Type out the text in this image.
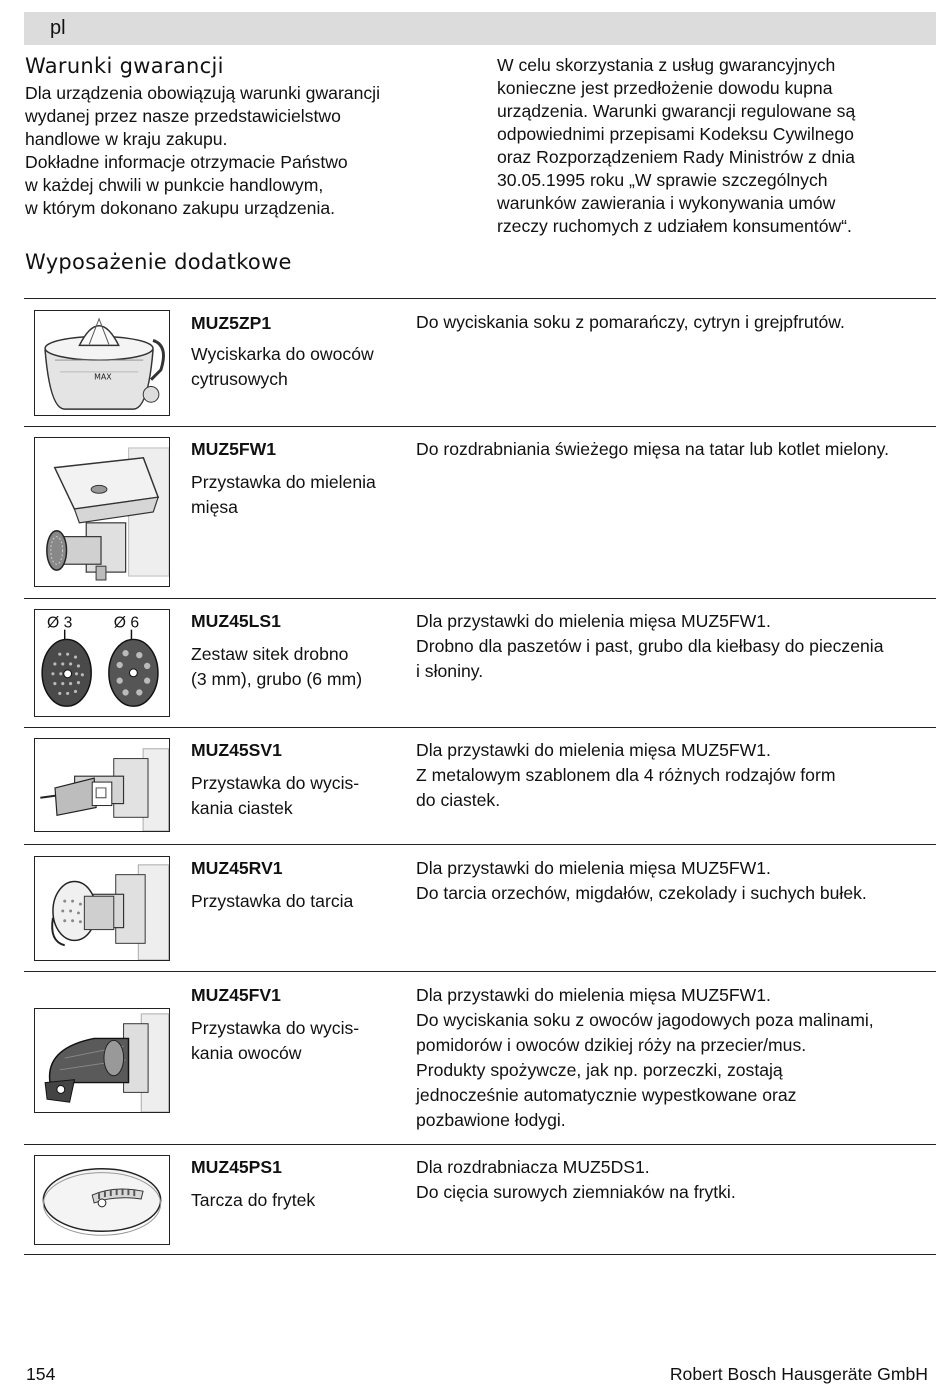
pl
Warunki gwarancji

Dla urządzenia obowiązują warunki gwarancji
wydanej przez nasze przedstawicielstwo
handlowe w kraju zakupu.
Dokładne informacje otrzymacie Państwo
w każdej chwili w punkcie handlowym,
w którym dokonano zakupu urządzenia.

W celu skorzystania z usług gwarancyjnych
konieczne jest przedłożenie dowodu kupna
urządzenia. Warunki gwarancji regulowane są
odpowiednimi przepisami Kodeksu Cywilnego
oraz Rozporządzeniem Rady Ministrów z dnia
30.05.1995 roku „W sprawie szczególnych
warunków zawierania i wykonywania umów
rzeczy ruchomych z udziałem konsumentów“.

Wyposażenie dodatkowe
MAX
MUZ5ZP1
Wyciskarka do owoców
cytrusowych
Do wyciskania soku z pomarańczy, cytryn i grejpfrutów.
MUZ5FW1
Przystawka do mielenia
mięsa
Do rozdrabniania świeżego mięsa na tatar lub kotlet mielony.
Ø 3	Ø 6	MUZ45LS1
Zestaw sitek drobno
(3 mm), grubo (6 mm)
Dla przystawki do mielenia mięsa MUZ5FW1.
Drobno dla paszetów i past, grubo dla kiełbasy do pieczenia
i słoniny.
MUZ45SV1
Przystawka do wycis-
kania ciastek
Dla przystawki do mielenia mięsa MUZ5FW1.
Z metalowym szablonem dla 4 różnych rodzajów form
do ciastek.
MUZ45RV1
Przystawka do tarcia
Dla przystawki do mielenia mięsa MUZ5FW1.
Do tarcia orzechów, migdałów, czekolady i suchych bułek.
MUZ45FV1
Przystawka do wycis-
kania owoców
Dla przystawki do mielenia mięsa MUZ5FW1.
Do wyciskania soku z owoców jagodowych poza malinami,
pomidorów i owoców dzikiej róży na przecier/mus.
Produkty spożywcze, jak np. porzeczki, zostają
jednocześnie automatycznie wypestkowane oraz
pozbawione łodygi.
MUZ45PS1
Tarcza do frytek
Dla rozdrabniacza MUZ5DS1.
Do cięcia surowych ziemniaków na frytki.
154	Robert Bosch Hausgeräte GmbH
